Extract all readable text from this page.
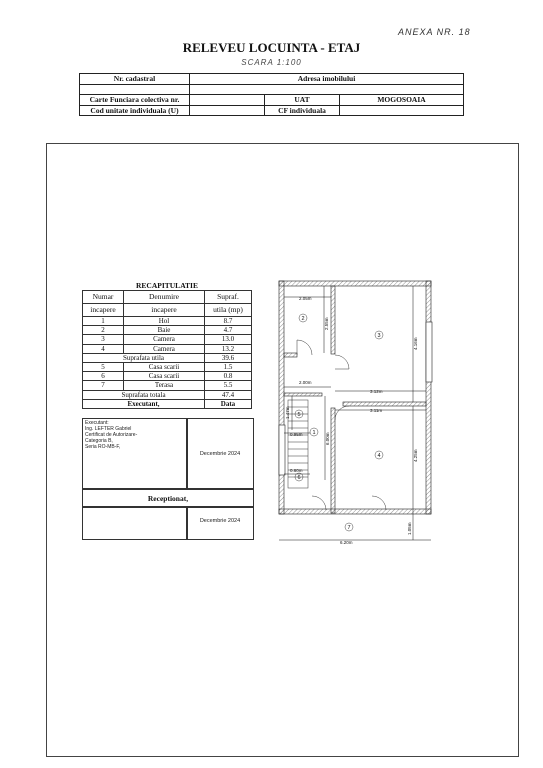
ANEXA NR. 18
RELEVEU LOCUINTA - ETAJ
SCARA 1:100
Nr. cadastral	Adresa imobilului		

Carte Funciara colectiva nr.		UAT	MOGOSOAIA
Cod unitate individuala (U)		CF individuala	
RECAPITULATIE
Numar	Denumire	Supraf.
incapere	incapere	utila (mp)
1	Hol	8.7
2	Baie	4.7
3	Camera	13.0
4	Camera	13.2
Suprafata utila		39.6
5	Casa scarii	1.5
6	Casa scarii	0.8
7	Terasa	5.5
Suprafata totala		47.4
Executant,		Data
Executant:
Ing. LEFTER Gabriel
Certificat de Autorizare-
Categoria B,
Seria RO-MB-F,
Decembrie 2024
Receptionat,
Decembrie 2024
2.05m
2.55m
4.16m
2.00m
3.12m
3.11m
1.47m
0.95m
0.60m
6.00m
4.25m
1.05m
6.20m
1
2
3
4
5
6
7
